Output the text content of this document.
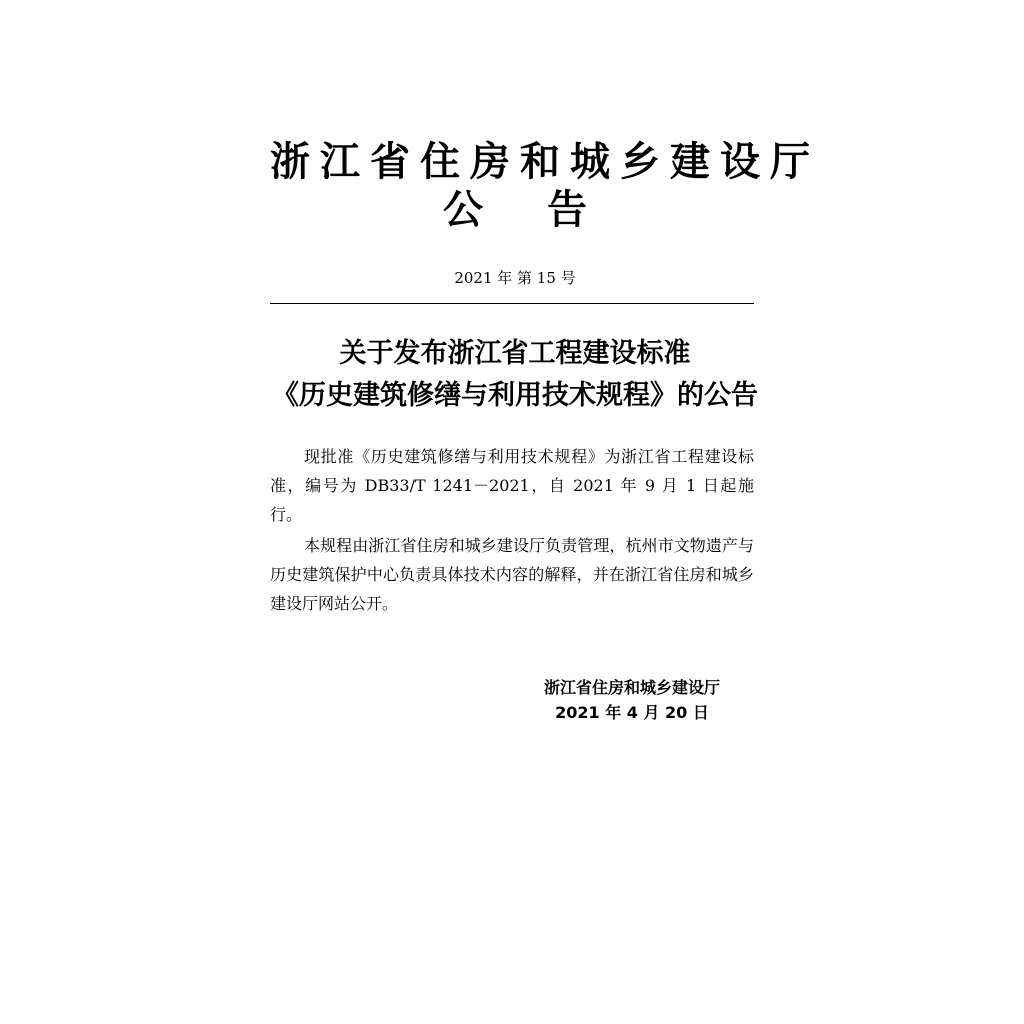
浙江省住房和城乡建设厅
公告
2021 年 第 15 号
关于发布浙江省工程建设标准
《历史建筑修缮与利用技术规程》的公告

现批准《历史建筑修缮与利用技术规程》为浙江省工程建设标准，编号为 DB33/T 1241－2021，自 2021 年 9 月 1 日起施行。

本规程由浙江省住房和城乡建设厅负责管理，杭州市文物遗产与历史建筑保护中心负责具体技术内容的解释，并在浙江省住房和城乡建设厅网站公开。

浙江省住房和城乡建设厅
2021 年 4 月 20 日
